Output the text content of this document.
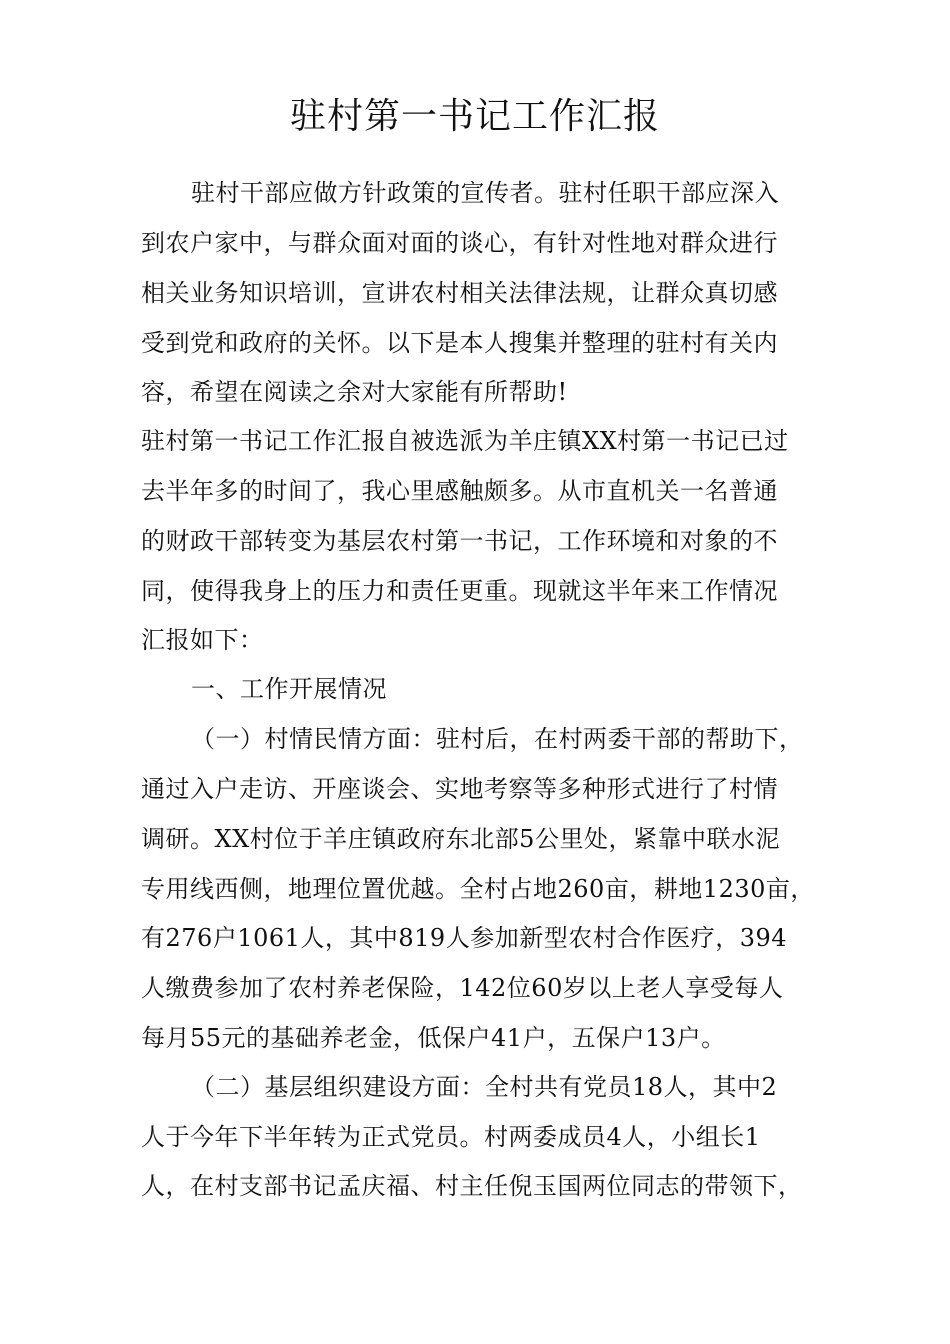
驻村第一书记工作汇报
驻村干部应做方针政策的宣传者。驻村任职干部应深入
到农户家中，与群众面对面的谈心，有针对性地对群众进行
相关业务知识培训，宣讲农村相关法律法规，让群众真切感
受到党和政府的关怀。以下是本人搜集并整理的驻村有关内
容，希望在阅读之余对大家能有所帮助!
驻村第一书记工作汇报自被选派为羊庄镇XX村第一书记已过
去半年多的时间了，我心里感触颇多。从市直机关一名普通
的财政干部转变为基层农村第一书记，工作环境和对象的不
同，使得我身上的压力和责任更重。现就这半年来工作情况
汇报如下：
一、工作开展情况
（一）村情民情方面：驻村后，在村两委干部的帮助下，
通过入户走访、开座谈会、实地考察等多种形式进行了村情
调研。XX村位于羊庄镇政府东北部5公里处，紧靠中联水泥
专用线西侧，地理位置优越。全村占地260亩，耕地1230亩，
有276户1061人，其中819人参加新型农村合作医疗，394
人缴费参加了农村养老保险，142位60岁以上老人享受每人
每月55元的基础养老金，低保户41户，五保户13户。
（二）基层组织建设方面：全村共有党员18人，其中2
人于今年下半年转为正式党员。村两委成员4人，小组长1
人，在村支部书记孟庆福、村主任倪玉国两位同志的带领下，
